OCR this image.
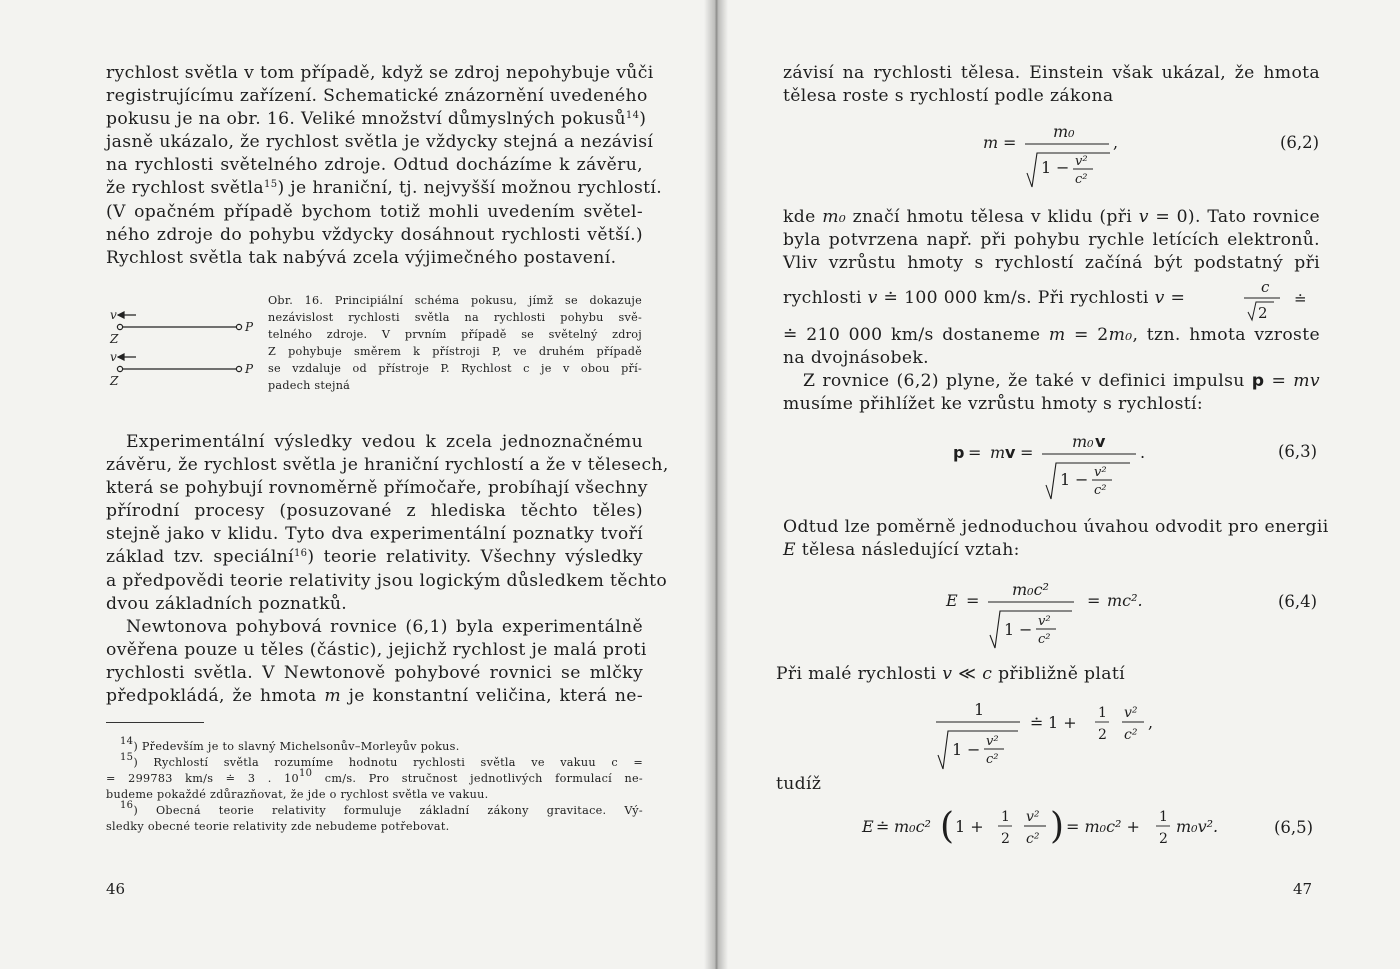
rychlost světla v tom případě, když se zdroj nepohybuje vůči
registrujícímu zařízení. Schematické znázornění uvedeného
pokusu je na obr. 16. Veliké množství důmyslných pokusů$^{14}$)
jasně ukázalo, že rychlost světla je vždycky stejná a nezávisí
na rychlosti světelného zdroje. Odtud docházíme k závěru,
že rychlost světla$^{15}$) je hraniční, tj. nejvyšší možnou rychlostí.
(V opačném případě bychom totiž mohli uvedením světel-
ného zdroje do pohybu vždycky dosáhnout rychlosti větší.)
Rychlost světla tak nabývá zcela výjimečného postavení.
v
Z
P
v
Z
P
Obr. 16. Principiální schéma pokusu, jímž se dokazuje
nezávislost rychlosti světla na rychlosti pohybu svě-
telného zdroje. V prvním případě se světelný zdroj
Z pohybuje směrem k přístroji P, ve druhém případě
se vzdaluje od přístroje P. Rychlost c je v obou pří-
padech stejná
Experimentální výsledky vedou k zcela jednoznačnému
závěru, že rychlost světla je hraniční rychlostí a že v tělesech,
která se pohybují rovnoměrně přímočaře, probíhají všechny
přírodní procesy (posuzované z hlediska těchto těles)
stejně jako v klidu. Tyto dva experimentální poznatky tvoří
základ tzv. speciální$^{16}$) teorie relativity. Všechny výsledky
a předpovědi teorie relativity jsou logickým důsledkem těchto
dvou základních poznatků.
Newtonova pohybová rovnice (6,1) byla experimentálně
ověřena pouze u těles (částic), jejichž rychlost je malá proti
rychlosti světla. V Newtonově pohybové rovnici se mlčky
předpokládá, že hmota m je konstantní veličina, která ne-
$^{14}$) Především je to slavný Michelsonův–Morleyův pokus.
$^{15}$) Rychlostí světla rozumíme hodnotu rychlosti světla ve vakuu c =
= 299783 km/s ≐ 3 . $10^{10}$ cm/s. Pro stručnost jednotlivých formulací ne-
budeme pokaždé zdůrazňovat, že jde o rychlost světla ve vakuu.
$^{16}$) Obecná teorie relativity formuluje základní zákony gravitace. Vý-
sledky obecné teorie relativity zde nebudeme potřebovat.
46
závisí na rychlosti tělesa. Einstein však ukázal, že hmota
tělesa roste s rychlostí podle zákona
m =
m₀
1 − v²
c²
,	(6,2)
kde m₀ značí hmotu tělesa v klidu (při v = 0). Tato rovnice
byla potvrzena např. při pohybu rychle letících elektronů.
Vliv vzrůstu hmoty s rychlostí začíná být podstatný při
rychlosti v ≐ 100 000 km/s. Při rychlosti v =
c
2
≐
≐ 210 000 km/s dostaneme m = 2m₀, tzn. hmota vzroste
na dvojnásobek.
Z rovnice (6,2) plyne, že také v definici impulsu p = mv
musíme přihlížet ke vzrůstu hmoty s rychlostí:
p = m v =
m₀ v
1 − v²
c²
.	(6,3)
Odtud lze poměrně jednoduchou úvahou odvodit pro energii
E tělesa následující vztah:
E =
m₀c²
1 − v²
c²
= mc².	(6,4)
Při malé rychlosti v ≪ c přibližně platí
1
1 − v²
c²
≐ 1 + 1
2
v²
c²
,
tudíž
E ≐ m₀c² ( 1 + 1
2
v²
c² ) = m₀c² + 1
2
m₀v².	(6,5)
47
